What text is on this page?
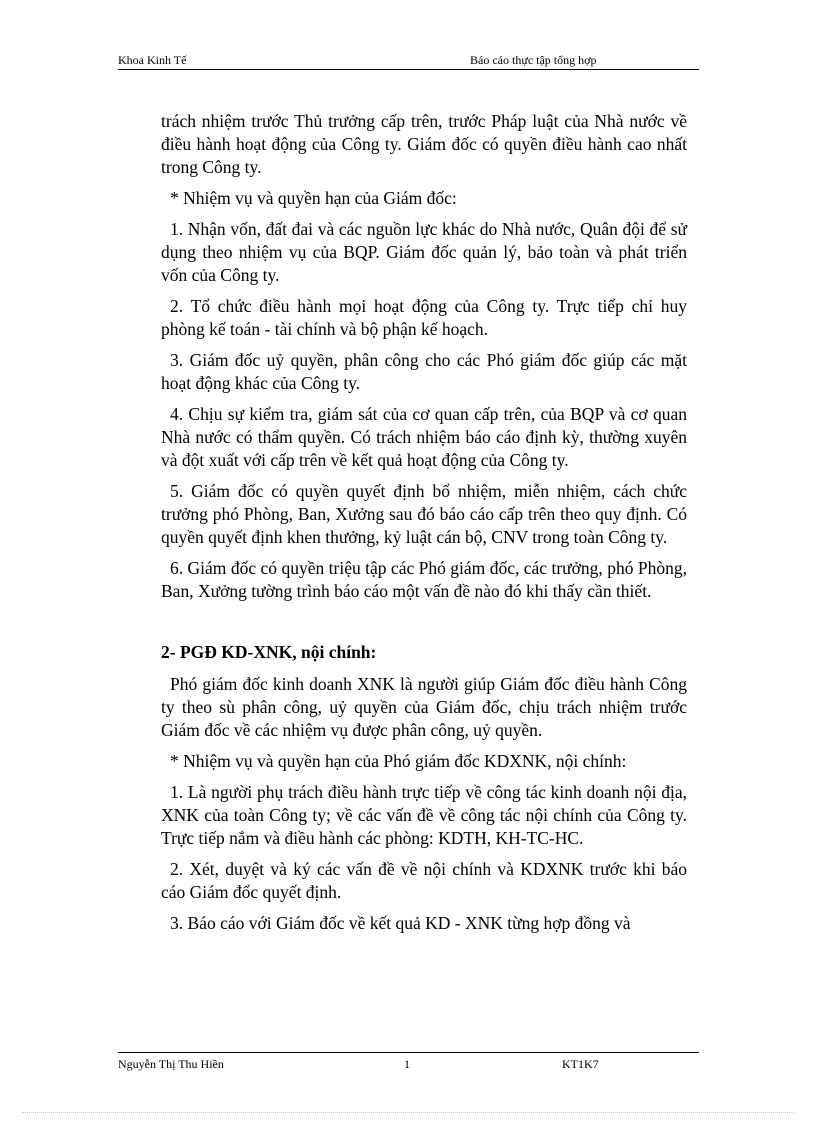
Khoa Kinh Tế	Báo cáo thực tập tổng hợp

trách nhiệm trước Thủ trưởng cấp trên, trước Pháp luật của Nhà nước về điều hành hoạt động của Công ty. Giám đốc có quyền điều hành cao nhất trong Công ty.

* Nhiệm vụ và quyền hạn của Giám đốc:

1. Nhận vốn, đất đai và các nguồn lực khác do Nhà nước, Quân đội để sử dụng theo nhiệm vụ của BQP. Giám đốc quản lý, bảo toàn và phát triển vốn của Công ty.

2. Tổ chức điều hành mọi hoạt động của Công ty. Trực tiếp chỉ huy phòng kế toán - tài chính và bộ phận kế hoạch.

3. Giám đốc uỷ quyền, phân công cho các Phó giám đốc giúp các mặt hoạt động khác của Công ty.

4. Chịu sự kiểm tra, giám sát của cơ quan cấp trên, của BQP và cơ quan Nhà nước có thẩm quyền. Có trách nhiệm báo cáo định kỳ, thường xuyên và đột xuất với cấp trên về kết quả hoạt động của Công ty.

5. Giám đốc có quyền quyết định bổ nhiệm, miễn nhiệm, cách chức trưởng phó Phòng, Ban, Xưởng sau đó báo cáo cấp trên theo quy định. Có quyền quyết định khen thưởng, kỷ luật cán bộ, CNV trong toàn Công ty.

6. Giám đốc có quyền triệu tập các Phó giám đốc, các trưởng, phó Phòng, Ban, Xưởng tường trình báo cáo một vấn đề nào đó khi thấy cần thiết.

2- PGĐ KD-XNK, nội chính:

Phó giám đốc kinh doanh XNK là người giúp Giám đốc điều hành Công ty theo sù phân công, uỷ quyền của Giám đốc, chịu trách nhiệm trước Giám đốc về các nhiệm vụ được phân công, uỷ quyền.

* Nhiệm vụ và quyền hạn của Phó giám đốc KDXNK, nội chính:

1. Là người phụ trách điều hành trực tiếp về công tác kinh doanh nội địa, XNK của toàn Công ty; về các vấn đề về công tác nội chính của Công ty. Trực tiếp nắm và điều hành các phòng: KDTH, KH-TC-HC.

2. Xét, duyệt và ký các vấn đề về nội chính và KDXNK trước khi báo cáo Giám đốc quyết định.

3. Báo cáo với Giám đốc về kết quả KD - XNK từng hợp đồng và

Nguyễn Thị Thu Hiền	1	KT1K7
